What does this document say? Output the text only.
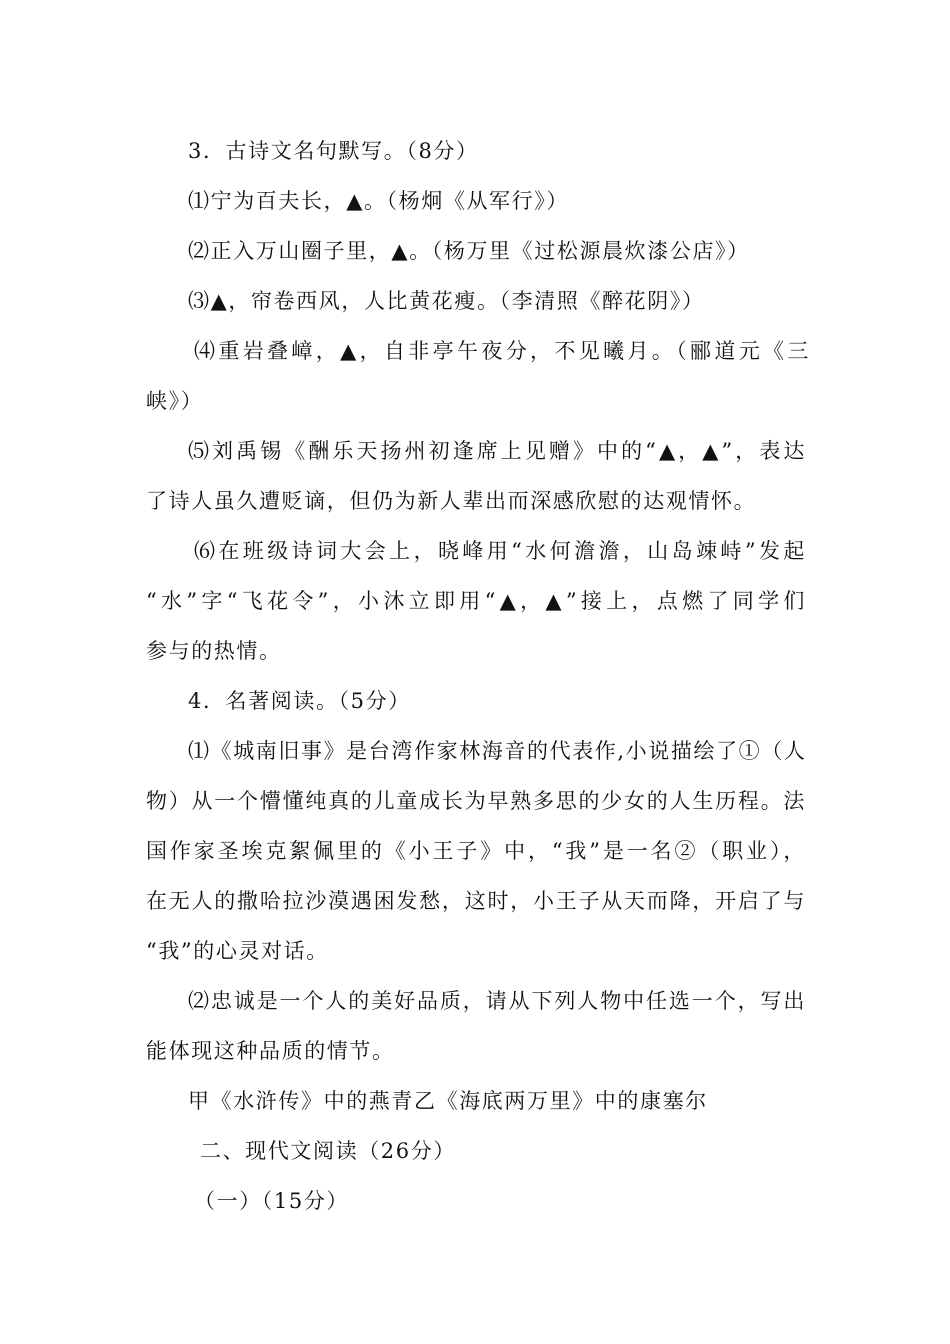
3．古诗文名句默写。（8分）
⑴宁为百夫长，▲。（杨炯《从军行》）
⑵正入万山圈子里，▲。（杨万里《过松源晨炊漆公店》）
⑶▲，帘卷西风，人比黄花瘦。（李清照《醉花阴》）
⑷重岩叠嶂，▲，自非亭午夜分，不见曦月。（郦道元《三
峡》）
⑸刘禹锡《酬乐天扬州初逢席上见赠》中的“▲，▲”，表达
了诗人虽久遭贬谪，但仍为新人辈出而深感欣慰的达观情怀。
⑹在班级诗词大会上，晓峰用“水何澹澹，山岛竦峙”发起
“水”字“飞花令”，小沐立即用“▲，▲”接上，点燃了同学们
参与的热情。
4．名著阅读。（5分）
⑴《城南旧事》是台湾作家林海音的代表作,小说描绘了①（人
物）从一个懵懂纯真的儿童成长为早熟多思的少女的人生历程。法
国作家圣埃克絮佩里的《小王子》中，“我”是一名②（职业），
在无人的撒哈拉沙漠遇困发愁，这时，小王子从天而降，开启了与
“我”的心灵对话。
⑵忠诚是一个人的美好品质，请从下列人物中任选一个，写出
能体现这种品质的情节。
甲《水浒传》中的燕青乙《海底两万里》中的康塞尔
二、现代文阅读（26分）
（一）（15分）
